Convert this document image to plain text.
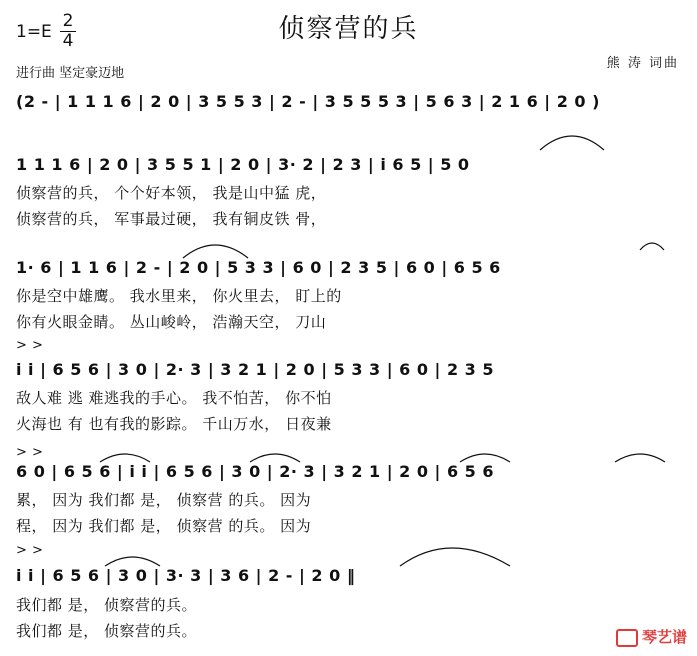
侦察营的兵
1=E
2
4
进行曲 坚定豪迈地
熊 涛 词曲
(2 - | 1 1 1 6 | 2 0 | 3 5 5 3 | 2 - | 3 5 5 5 3 | 5 6 3 | 2 1 6 | 2 0 )
1 1 1 6 | 2 0 | 3 5 5 1 | 2 0 | 3· 2 | 2 3 | i 6 5 | 5 0
侦察营的兵， 个个好本领， 我是山中猛 虎，
侦察营的兵， 军事最过硬， 我有铜皮铁 骨，
1· 6 | 1 1 6 | 2 - | 2 0 | 5 3 3 | 6 0 | 2 3 5 | 6 0 | 6 5 6
你是空中雄鹰。 我水里来， 你火里去， 盯上的
你有火眼金睛。 丛山峻岭， 浩瀚天空， 刀山
> >
i i | 6 5 6 | 3 0 | 2· 3 | 3 2 1 | 2 0 | 5 3 3 | 6 0 | 2 3 5
敌人难 逃 难逃我的手心。 我不怕苦， 你不怕
火海也 有 也有我的影踪。 千山万水， 日夜兼
> >
6 0 | 6 5 6 | i i | 6 5 6 | 3 0 | 2· 3 | 3 2 1 | 2 0 | 6 5 6
累， 因为 我们都 是， 侦察营 的兵。 因为
程， 因为 我们都 是， 侦察营 的兵。 因为
> >
i i | 6 5 6 | 3 0 | 3· 3 | 3 6 | 2 - | 2 0 ‖
我们都 是， 侦察营的兵。
我们都 是， 侦察营的兵。	琴艺谱
